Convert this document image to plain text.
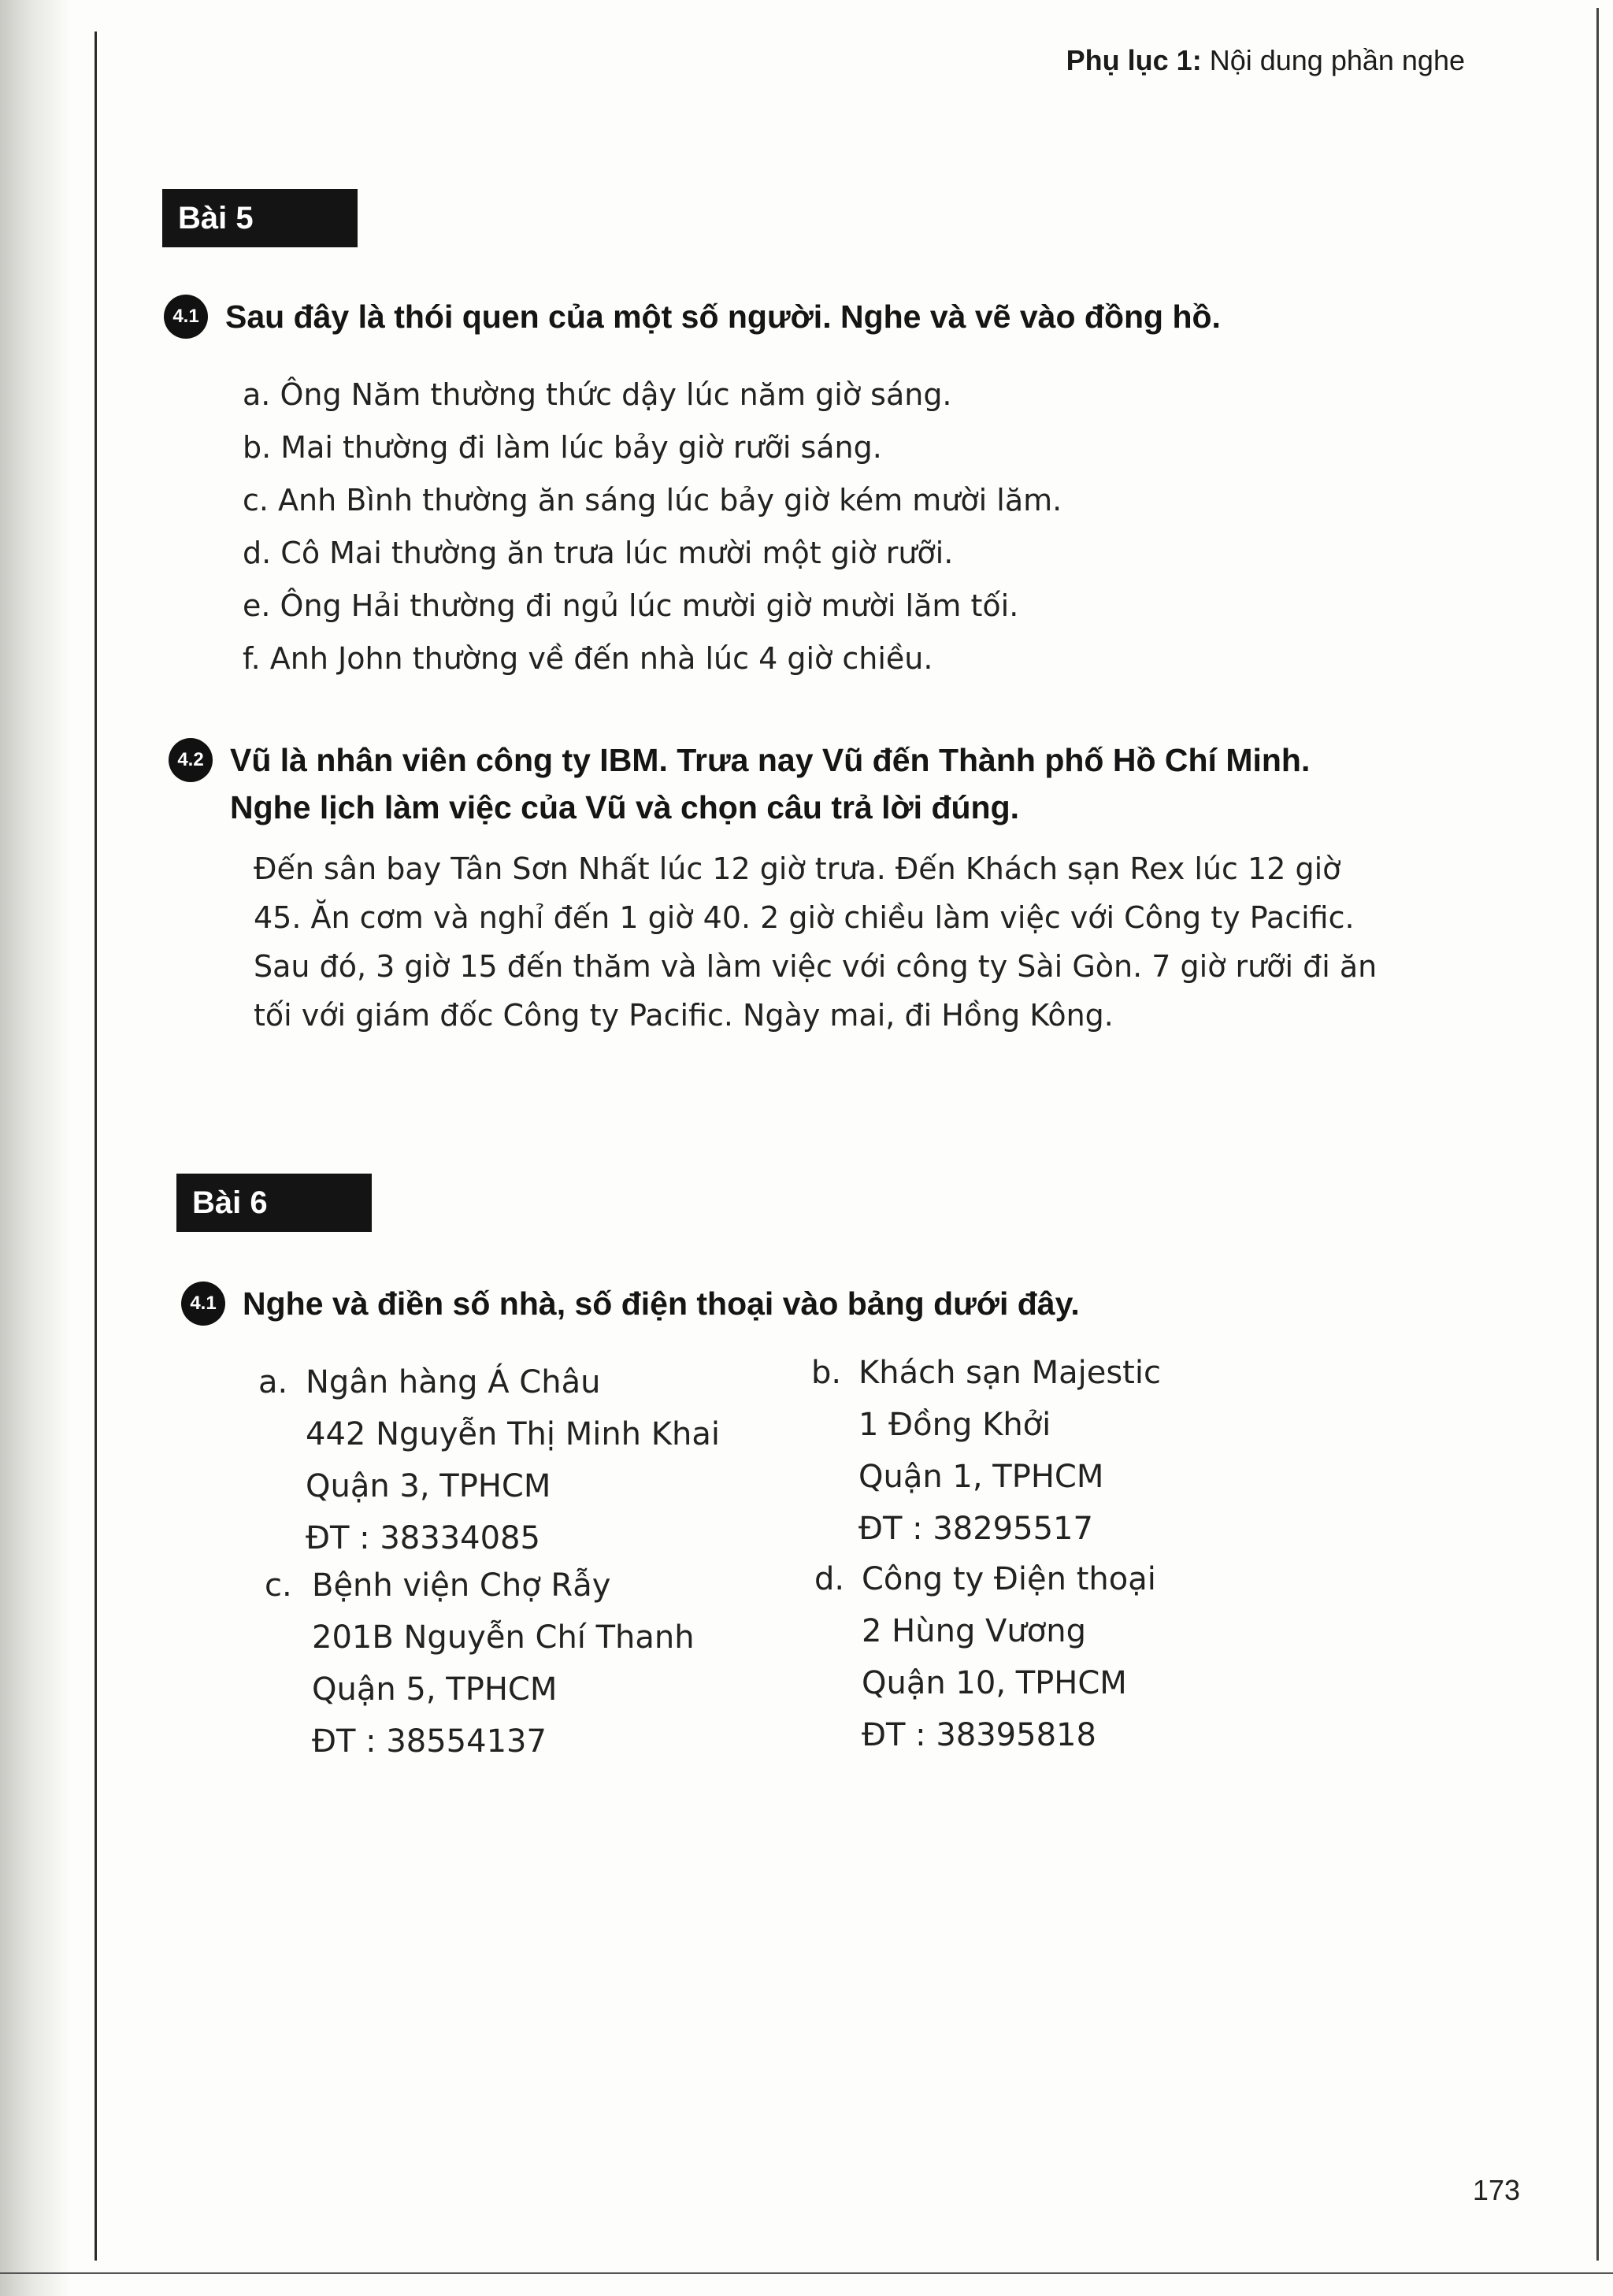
Phụ lục 1: Nội dung phần nghe
Bài 5
4.1 Sau đây là thói quen của một số người. Nghe và vẽ vào đồng hồ.
a. Ông Năm thường thức dậy lúc năm giờ sáng.
b. Mai thường đi làm lúc bảy giờ rưỡi sáng.
c. Anh Bình thường ăn sáng lúc bảy giờ kém mười lăm.
d. Cô Mai thường ăn trưa lúc mười một giờ rưỡi.
e. Ông Hải thường đi ngủ lúc mười giờ mười lăm tối.
f. Anh John thường về đến nhà lúc 4 giờ chiều.
4.2 Vũ là nhân viên công ty IBM. Trưa nay Vũ đến Thành phố Hồ Chí Minh.
Nghe lịch làm việc của Vũ và chọn câu trả lời đúng.
Đến sân bay Tân Sơn Nhất lúc 12 giờ trưa. Đến Khách sạn Rex lúc 12 giờ
45. Ăn cơm và nghỉ đến 1 giờ 40. 2 giờ chiều làm việc với Công ty Pacific.
Sau đó, 3 giờ 15 đến thăm và làm việc với công ty Sài Gòn. 7 giờ rưỡi đi ăn
tối với giám đốc Công ty Pacific. Ngày mai, đi Hồng Kông.
Bài 6
4.1 Nghe và điền số nhà, số điện thoại vào bảng dưới đây.
a. Ngân hàng Á Châu
442 Nguyễn Thị Minh Khai
Quận 3, TPHCM
ĐT : 38334085
b. Khách sạn Majestic
1 Đồng Khởi
Quận 1, TPHCM
ĐT : 38295517
c. Bệnh viện Chợ Rẫy
201B Nguyễn Chí Thanh
Quận 5, TPHCM
ĐT : 38554137
d. Công ty Điện thoại
2 Hùng Vương
Quận 10, TPHCM
ĐT : 38395818
173
